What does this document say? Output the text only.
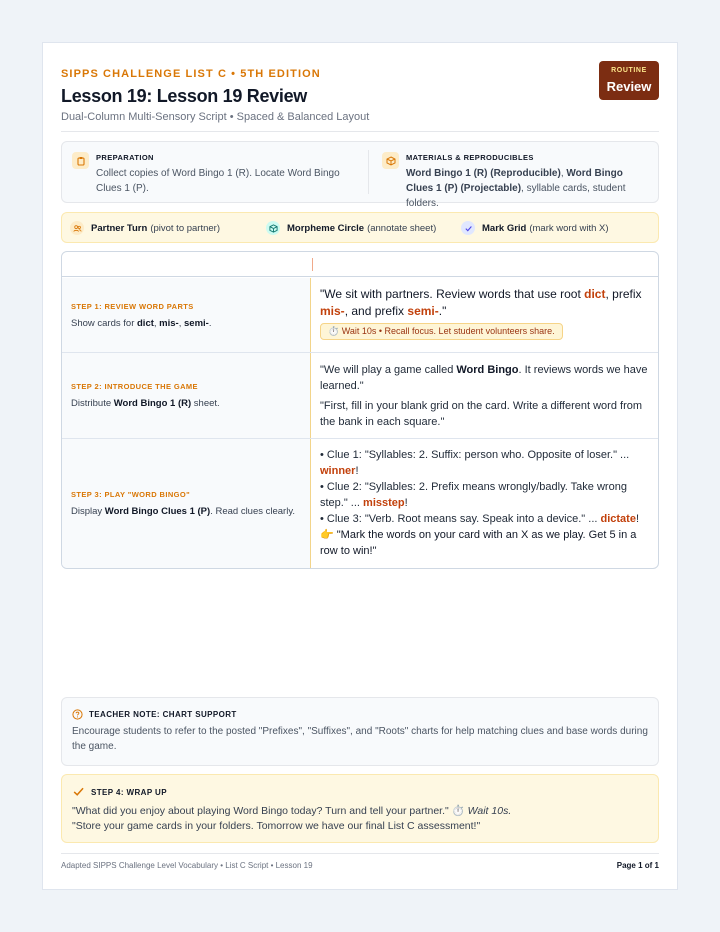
SIPPS CHALLENGE LIST C • 5TH EDITION
Lesson 19: Lesson 19 Review
Dual-Column Multi-Sensory Script • Spaced & Balanced Layout
ROUTINE
Review
PREPARATION
Collect copies of Word Bingo 1 (R). Locate Word Bingo Clues 1 (P).
MATERIALS & REPRODUCIBLES
Word Bingo 1 (R) (Reproducible), Word Bingo Clues 1 (P) (Projectable), syllable cards, student folders.
Partner Turn (pivot to partner)	Morpheme Circle (annotate sheet)	Mark Grid (mark word with X)
STEP 1: REVIEW WORD PARTS
Show cards for dict, mis-, semi-.
"We sit with partners. Review words that use root dict, prefix mis-, and prefix semi-."
⏱️ Wait 10s • Recall focus. Let student volunteers share.
STEP 2: INTRODUCE THE GAME
Distribute Word Bingo 1 (R) sheet.
"We will play a game called Word Bingo. It reviews words we have learned."
"First, fill in your blank grid on the card. Write a different word from the bank in each square."
STEP 3: PLAY "WORD BINGO"
Display Word Bingo Clues 1 (P). Read clues clearly.
• Clue 1: "Syllables: 2. Suffix: person who. Opposite of loser." ... winner!
• Clue 2: "Syllables: 2. Prefix means wrongly/badly. Take wrong step." ... misstep!
• Clue 3: "Verb. Root means say. Speak into a device." ... dictate!
👉 "Mark the words on your card with an X as we play. Get 5 in a row to win!"
TEACHER NOTE: CHART SUPPORT
Encourage students to refer to the posted "Prefixes", "Suffixes", and "Roots" charts for help matching clues and base words during the game.
STEP 4: WRAP UP
"What did you enjoy about playing Word Bingo today? Turn and tell your partner." ⏱️ Wait 10s.
"Store your game cards in your folders. Tomorrow we have our final List C assessment!"
Adapted SIPPS Challenge Level Vocabulary • List C Script • Lesson 19	Page 1 of 1
